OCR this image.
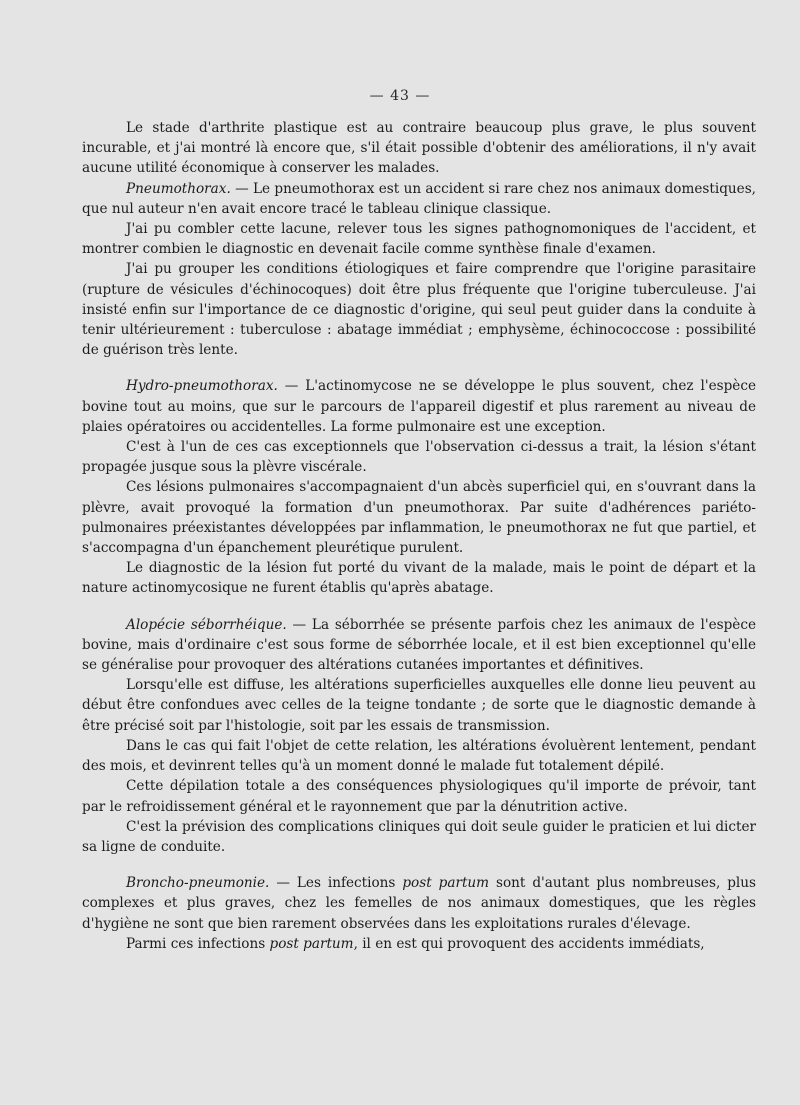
— 43 —

Le stade d'arthrite plastique est au contraire beaucoup plus grave, le plus souvent incurable, et j'ai montré là encore que, s'il était possible d'obtenir des améliorations, il n'y avait aucune utilité économique à conserver les malades.

Pneumothorax. — Le pneumothorax est un accident si rare chez nos animaux domestiques, que nul auteur n'en avait encore tracé le tableau clinique classique.

J'ai pu combler cette lacune, relever tous les signes pathognomoniques de l'accident, et montrer combien le diagnostic en devenait facile comme synthèse finale d'examen.

J'ai pu grouper les conditions étiologiques et faire comprendre que l'origine parasitaire (rupture de vésicules d'échinocoques) doit être plus fréquente que l'origine tuberculeuse. J'ai insisté enfin sur l'importance de ce diagnostic d'origine, qui seul peut guider dans la conduite à tenir ultérieurement : tuberculose : abatage immédiat ; emphysème, échinococcose : possibilité de guérison très lente.

Hydro-pneumothorax. — L'actinomycose ne se développe le plus souvent, chez l'espèce bovine tout au moins, que sur le parcours de l'appareil digestif et plus rarement au niveau de plaies opératoires ou accidentelles. La forme pulmonaire est une exception.

C'est à l'un de ces cas exceptionnels que l'observation ci-dessus a trait, la lésion s'étant propagée jusque sous la plèvre viscérale.

Ces lésions pulmonaires s'accompagnaient d'un abcès superficiel qui, en s'ouvrant dans la plèvre, avait provoqué la formation d'un pneumothorax. Par suite d'adhérences pariéto-pulmonaires préexistantes développées par inflammation, le pneumothorax ne fut que partiel, et s'accompagna d'un épanchement pleurétique purulent.

Le diagnostic de la lésion fut porté du vivant de la malade, mais le point de départ et la nature actinomycosique ne furent établis qu'après abatage.

Alopécie séborrhéique. — La séborrhée se présente parfois chez les animaux de l'espèce bovine, mais d'ordinaire c'est sous forme de séborrhée locale, et il est bien exceptionnel qu'elle se généralise pour provoquer des altérations cutanées importantes et définitives.

Lorsqu'elle est diffuse, les altérations superficielles auxquelles elle donne lieu peuvent au début être confondues avec celles de la teigne tondante ; de sorte que le diagnostic demande à être précisé soit par l'histologie, soit par les essais de transmission.

Dans le cas qui fait l'objet de cette relation, les altérations évoluèrent lentement, pendant des mois, et devinrent telles qu'à un moment donné le malade fut totalement dépilé.

Cette dépilation totale a des conséquences physiologiques qu'il importe de prévoir, tant par le refroidissement général et le rayonnement que par la dénutrition active.

C'est la prévision des complications cliniques qui doit seule guider le praticien et lui dicter sa ligne de conduite.

Broncho-pneumonie. — Les infections post partum sont d'autant plus nombreuses, plus complexes et plus graves, chez les femelles de nos animaux domestiques, que les règles d'hygiène ne sont que bien rarement observées dans les exploitations rurales d'élevage.

Parmi ces infections post partum, il en est qui provoquent des accidents immédiats,
